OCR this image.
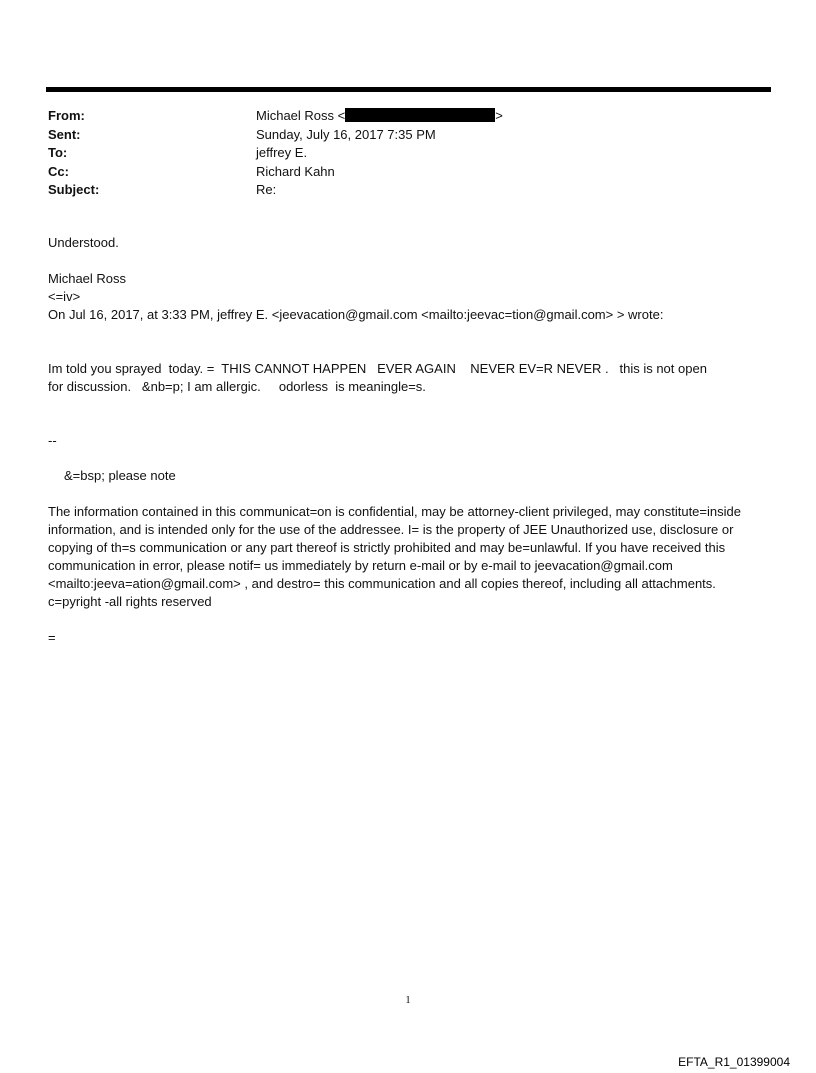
From:	Michael Ross <	>
Sent:	Sunday, July 16, 2017 7:35 PM
To:	jeffrey E.
Cc:	Richard Kahn
Subject:	Re:

Understood.

Michael Ross

<=iv>

On Jul 16, 2017, at 3:33 PM, jeffrey E. <jeevacation@gmail.com <mailto:jeevac=tion@gmail.com> > wrote:

Im told you sprayed  today. =  THIS CANNOT HAPPEN   EVER AGAIN    NEVER EV=R NEVER .   this is not open for discussion.   &nb=p; I am allergic.     odorless  is meaningle=s.

--

&=bsp; please note

The information contained in this communicat=on is confidential, may be attorney-client privileged, may constitute=inside information, and is intended only for the use of the addressee. I= is the property of JEE Unauthorized use, disclosure or copying of th=s communication or any part thereof is strictly prohibited and may be=unlawful. If you have received this communication in error, please notif= us immediately by return e-mail or by e-mail to jeevacation@gmail.com <mailto:jeeva=ation@gmail.com> , and destro= this communication and all copies thereof, including all attachments. c=pyright -all rights reserved

=

1
EFTA_R1_01399004
